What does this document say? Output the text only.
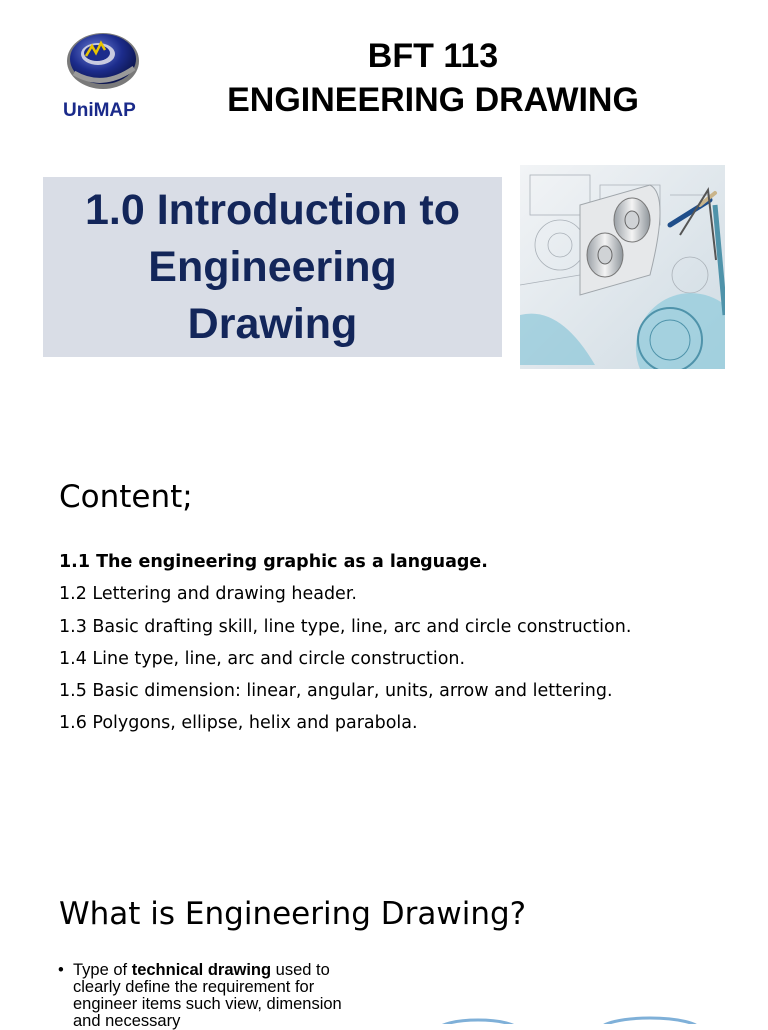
UniMAP
BFT 113
ENGINEERING DRAWING
1.0 Introduction to
Engineering
Drawing
Content;
1.1 The engineering graphic as a language.
1.2 Lettering and drawing header.
1.3 Basic drafting skill, line type, line, arc and circle construction.
1.4 Line type, line, arc and circle construction.
1.5 Basic dimension: linear, angular, units, arrow and lettering.
1.6 Polygons, ellipse, helix and parabola.
What is Engineering Drawing?
• Type of technical drawing used to clearly define the requirement for engineer items such view, dimension and necessary
